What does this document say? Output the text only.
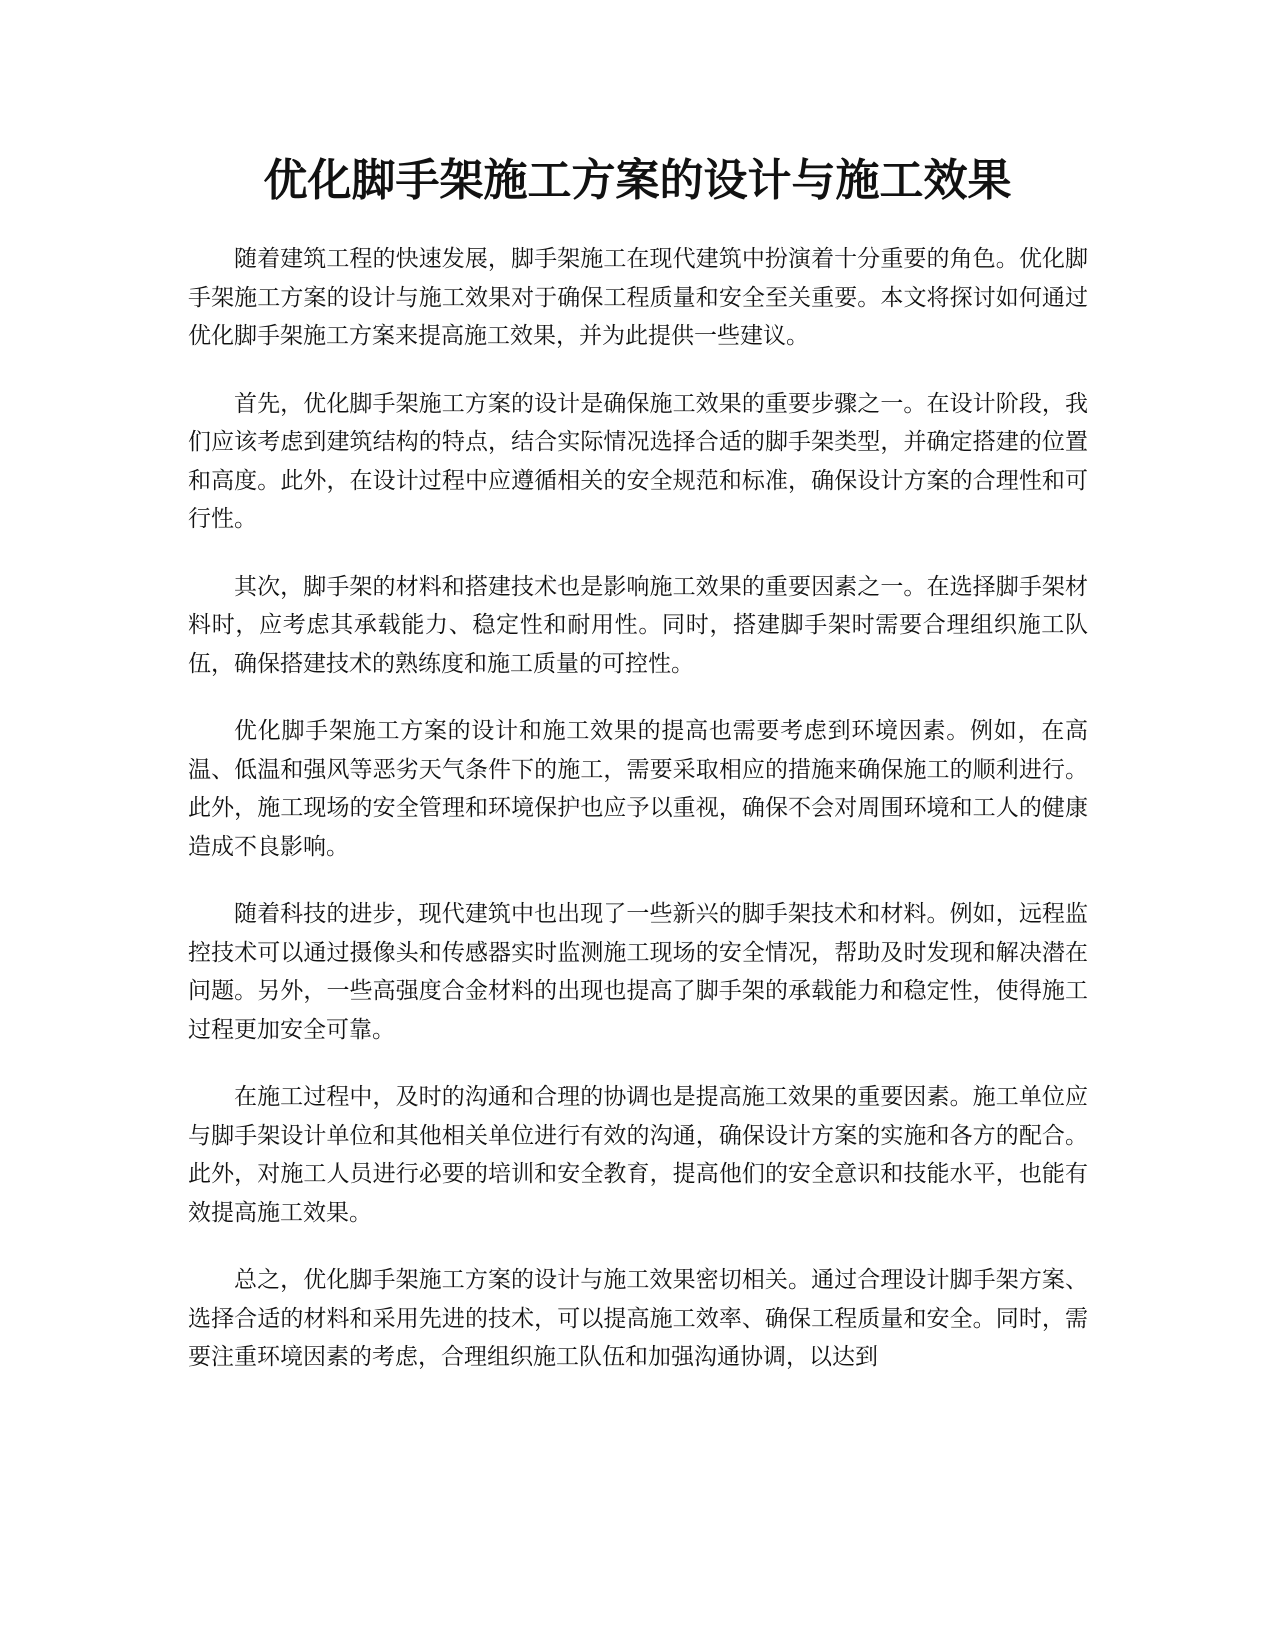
优化脚手架施工方案的设计与施工效果

随着建筑工程的快速发展，脚手架施工在现代建筑中扮演着十分重要的角色。优化脚手架施工方案的设计与施工效果对于确保工程质量和安全至关重要。本文将探讨如何通过优化脚手架施工方案来提高施工效果，并为此提供一些建议。

首先，优化脚手架施工方案的设计是确保施工效果的重要步骤之一。在设计阶段，我们应该考虑到建筑结构的特点，结合实际情况选择合适的脚手架类型，并确定搭建的位置和高度。此外，在设计过程中应遵循相关的安全规范和标准，确保设计方案的合理性和可行性。

其次，脚手架的材料和搭建技术也是影响施工效果的重要因素之一。在选择脚手架材料时，应考虑其承载能力、稳定性和耐用性。同时，搭建脚手架时需要合理组织施工队伍，确保搭建技术的熟练度和施工质量的可控性。

优化脚手架施工方案的设计和施工效果的提高也需要考虑到环境因素。例如，在高温、低温和强风等恶劣天气条件下的施工，需要采取相应的措施来确保施工的顺利进行。此外，施工现场的安全管理和环境保护也应予以重视，确保不会对周围环境和工人的健康造成不良影响。

随着科技的进步，现代建筑中也出现了一些新兴的脚手架技术和材料。例如，远程监控技术可以通过摄像头和传感器实时监测施工现场的安全情况，帮助及时发现和解决潜在问题。另外，一些高强度合金材料的出现也提高了脚手架的承载能力和稳定性，使得施工过程更加安全可靠。

在施工过程中，及时的沟通和合理的协调也是提高施工效果的重要因素。施工单位应与脚手架设计单位和其他相关单位进行有效的沟通，确保设计方案的实施和各方的配合。此外，对施工人员进行必要的培训和安全教育，提高他们的安全意识和技能水平，也能有效提高施工效果。

总之，优化脚手架施工方案的设计与施工效果密切相关。通过合理设计脚手架方案、选择合适的材料和采用先进的技术，可以提高施工效率、确保工程质量和安全。同时，需要注重环境因素的考虑，合理组织施工队伍和加强沟通协调，以达到
